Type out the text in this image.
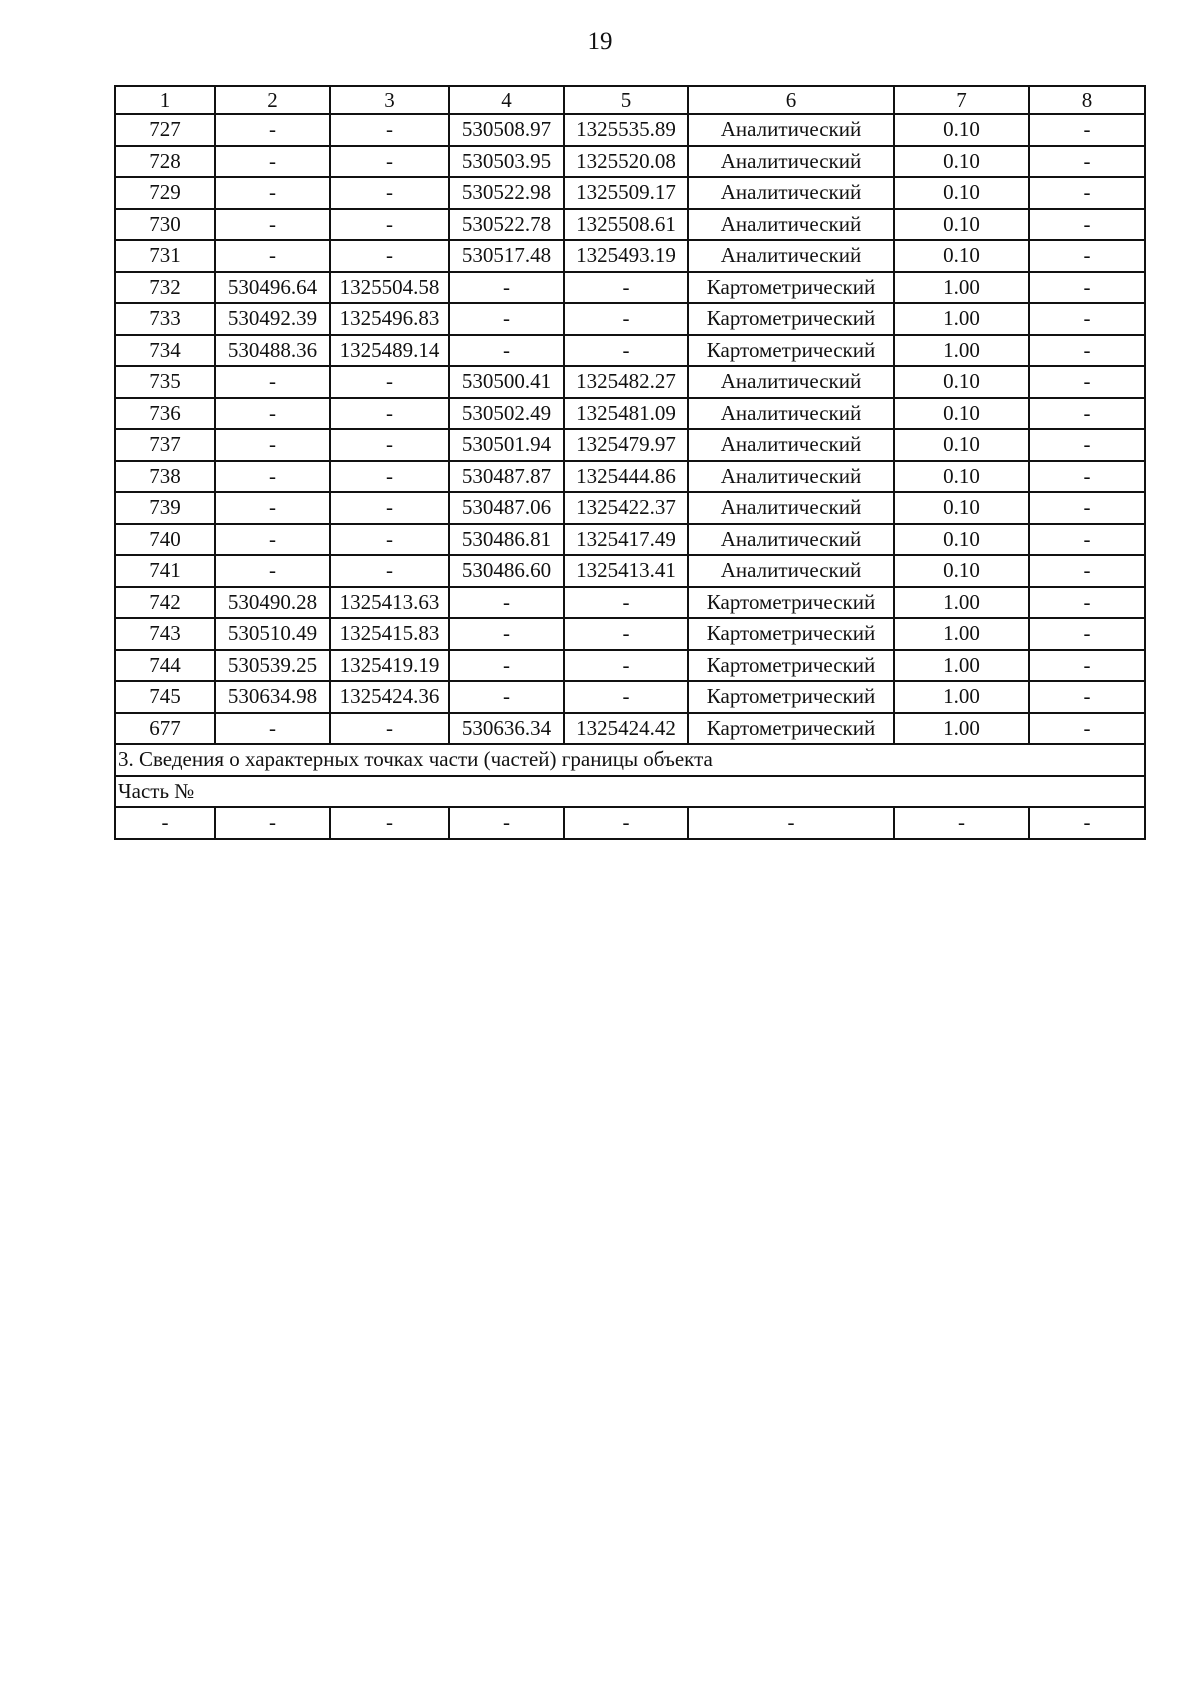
19
1	2	3	4	5	6	7	8
727	-	-	530508.97	1325535.89	Аналитический	0.10	-
728	-	-	530503.95	1325520.08	Аналитический	0.10	-
729	-	-	530522.98	1325509.17	Аналитический	0.10	-
730	-	-	530522.78	1325508.61	Аналитический	0.10	-
731	-	-	530517.48	1325493.19	Аналитический	0.10	-
732	530496.64	1325504.58	-	-	Картометрический	1.00	-
733	530492.39	1325496.83	-	-	Картометрический	1.00	-
734	530488.36	1325489.14	-	-	Картометрический	1.00	-
735	-	-	530500.41	1325482.27	Аналитический	0.10	-
736	-	-	530502.49	1325481.09	Аналитический	0.10	-
737	-	-	530501.94	1325479.97	Аналитический	0.10	-
738	-	-	530487.87	1325444.86	Аналитический	0.10	-
739	-	-	530487.06	1325422.37	Аналитический	0.10	-
740	-	-	530486.81	1325417.49	Аналитический	0.10	-
741	-	-	530486.60	1325413.41	Аналитический	0.10	-
742	530490.28	1325413.63	-	-	Картометрический	1.00	-
743	530510.49	1325415.83	-	-	Картометрический	1.00	-
744	530539.25	1325419.19	-	-	Картометрический	1.00	-
745	530634.98	1325424.36	-	-	Картометрический	1.00	-
677	-	-	530636.34	1325424.42	Картометрический	1.00	-
3. Сведения о характерных точках части (частей) границы объекта							
Часть №							
-	-	-	-	-	-	-	-
